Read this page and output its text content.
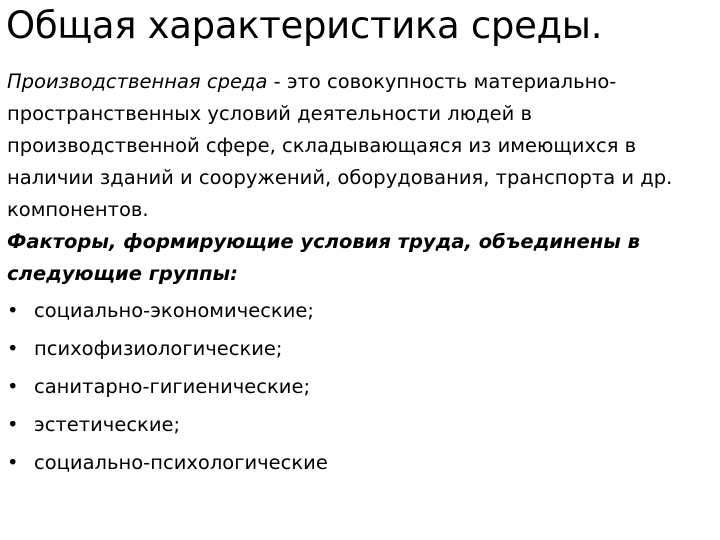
Общая характеристика среды.

Производственная среда - это совокупность материально-пространственных условий деятельности людей в производственной сфере, складывающаяся из имеющихся в наличии зданий и сооружений, оборудования, транспорта и др. компонентов.

Факторы, формирующие условия труда, объединены в следующие группы:

• социально-экономические;
• психофизиологические;
• санитарно-гигиенические;
• эстетические;
• социально-психологические
